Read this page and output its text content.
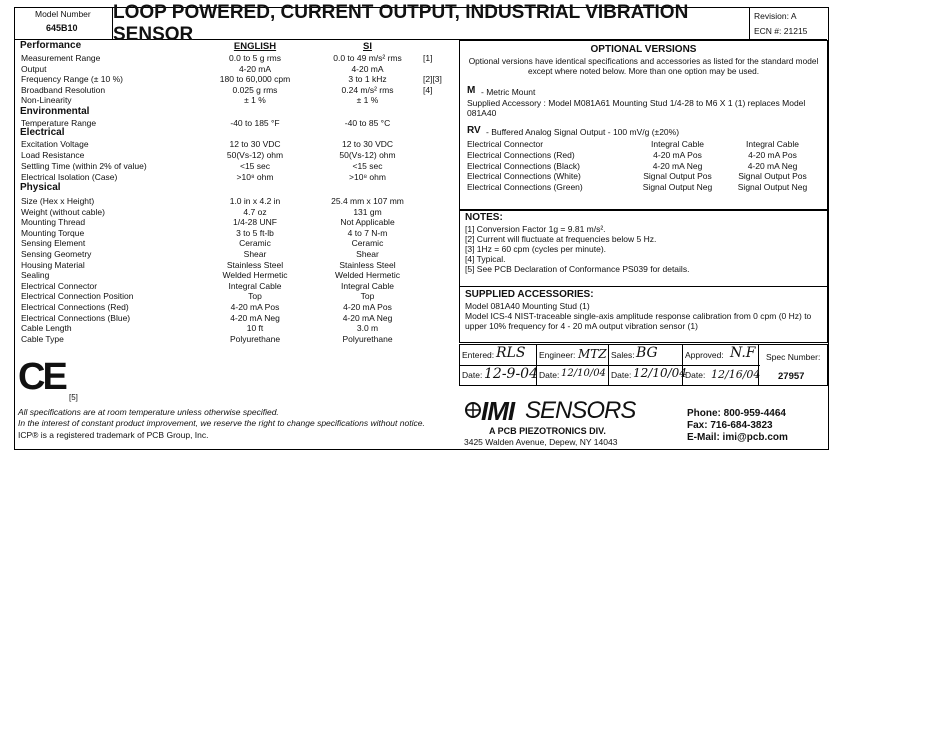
Model Number
645B10
LOOP POWERED, CURRENT OUTPUT, INDUSTRIAL VIBRATION SENSOR
Revision: A
ECN #: 21215
Performance	ENGLISH	SI
Measurement Range	0.0 to 5 g rms	0.0 to 49 m/s² rms	[1]
Output	4-20 mA	4-20 mA
Frequency Range (± 10 %)	180 to 60,000 cpm	3 to 1 kHz	[2][3]
Broadband Resolution	0.025 g rms	0.24 m/s² rms	[4]
Non-Linearity	± 1 %	± 1 %
Environmental
Temperature Range	-40 to 185 °F	-40 to 85 °C
Electrical
Excitation Voltage	12 to 30 VDC	12 to 30 VDC
Load Resistance	50(Vs-12) ohm	50(Vs-12) ohm
Settling Time (within 2% of value)	<15 sec	<15 sec
Electrical Isolation (Case)	>10⁸ ohm	>10⁸ ohm
Physical
Size (Hex x Height)	1.0 in x 4.2 in	25.4 mm x 107 mm
Weight (without cable)	4.7 oz	131 gm
Mounting Thread	1/4-28 UNF	Not Applicable
Mounting Torque	3 to 5 ft-lb	4 to 7 N-m
Sensing Element	Ceramic	Ceramic
Sensing Geometry	Shear	Shear
Housing Material	Stainless Steel	Stainless Steel
Sealing	Welded Hermetic	Welded Hermetic
Electrical Connector	Integral Cable	Integral Cable
Electrical Connection Position	Top	Top
Electrical Connections (Red)	4-20 mA Pos	4-20 mA Pos
Electrical Connections (Blue)	4-20 mA Neg	4-20 mA Neg
Cable Length	10 ft	3.0 m
Cable Type	Polyurethane	Polyurethane
CE [5]
All specifications are at room temperature unless otherwise specified.
In the interest of constant product improvement, we reserve the right to change specifications without notice.
ICP® is a registered trademark of PCB Group, Inc.
OPTIONAL VERSIONS
Optional versions have identical specifications and accessories as listed for the standard model
except where noted below. More than one option may be used.
M - Metric Mount
Supplied Accessory : Model M081A61 Mounting Stud 1/4-28 to M6 X 1 (1) replaces Model
081A40
RV - Buffered Analog Signal Output - 100 mV/g (±20%)
Electrical Connector	Integral Cable	Integral Cable
Electrical Connections (Red)	4-20 mA Pos	4-20 mA Pos
Electrical Connections (Black)	4-20 mA Neg	4-20 mA Neg
Electrical Connections (White)	Signal Output Pos	Signal Output Pos
Electrical Connections (Green)	Signal Output Neg	Signal Output Neg
NOTES:
[1] Conversion Factor 1g = 9.81 m/s².
[2] Current will fluctuate at frequencies below 5 Hz.
[3] 1Hz = 60 cpm (cycles per minute).
[4] Typical.
[5] See PCB Declaration of Conformance PS039 for details.
SUPPLIED ACCESSORIES:
Model 081A40 Mounting Stud (1)
Model ICS-4 NIST-traceable single-axis amplitude response calibration from 0 cpm (0 Hz) to
upper 10% frequency for 4 - 20 mA output vibration sensor (1)
Entered: RLS Engineer: MTZ Sales: BG	Approved: N.F Spec Number:
27957
Date: 12-9-04 Date: 12/10/04 Date: 12/10/04
Date: 12/16/04
IMI SENSORS
A PCB PIEZOTRONICS DIV.
3425 Walden Avenue, Depew, NY 14043
Phone: 800-959-4464
Fax: 716-684-3823
E-Mail: imi@pcb.com
